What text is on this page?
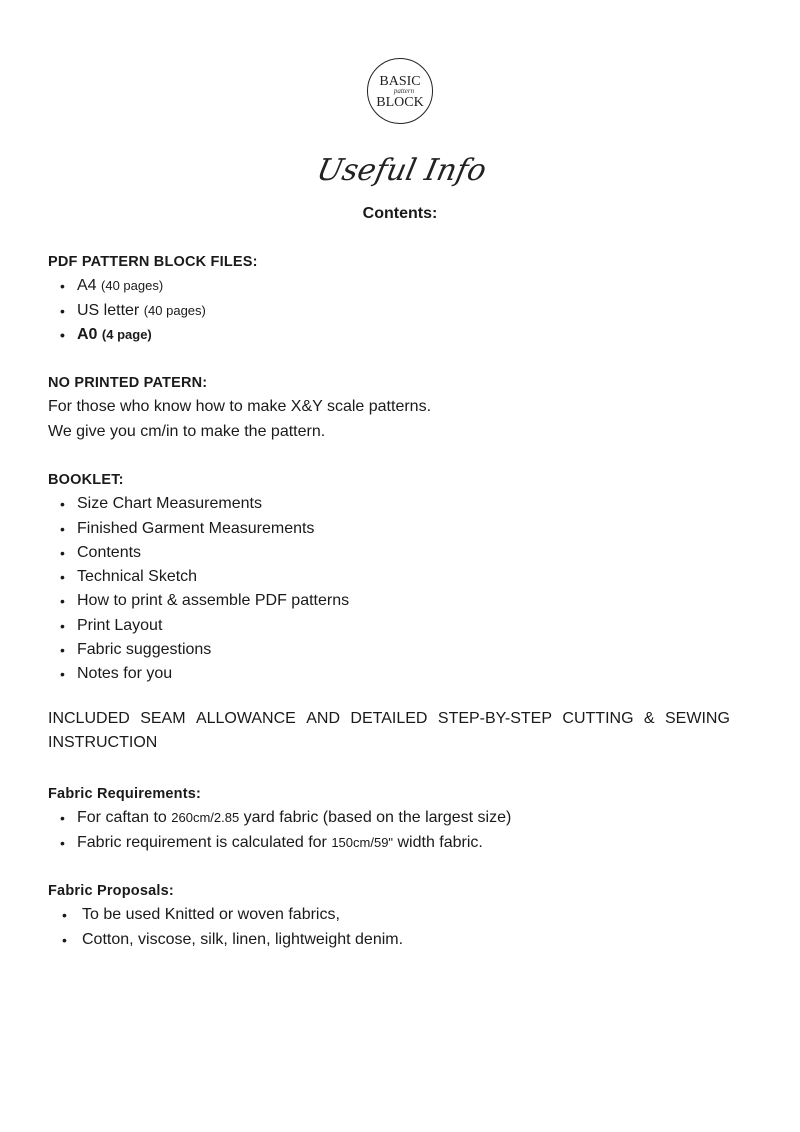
BASIC
pattern
BLOCK
Useful Info
Contents:
PDF PATTERN BLOCK FILES:
• A4 (40 pages)
• US letter (40 pages)
• A0 (4 page)
NO PRINTED PATERN:
For those who know how to make X&Y scale patterns.
We give you cm/in to make the pattern.
BOOKLET:
• Size Chart Measurements
• Finished Garment Measurements
• Contents
• Technical Sketch
• How to print & assemble PDF patterns
• Print Layout
• Fabric suggestions
• Notes for you
INCLUDED SEAM ALLOWANCE AND DETAILED STEP-BY-STEP CUTTING & SEWING
INSTRUCTION
Fabric Requirements:
• For caftan to 260cm/2.85 yard fabric (based on the largest size)
• Fabric requirement is calculated for 150cm/59" width fabric.
Fabric Proposals:
• To be used Knitted or woven fabrics,
• Cotton, viscose, silk, linen, lightweight denim.
